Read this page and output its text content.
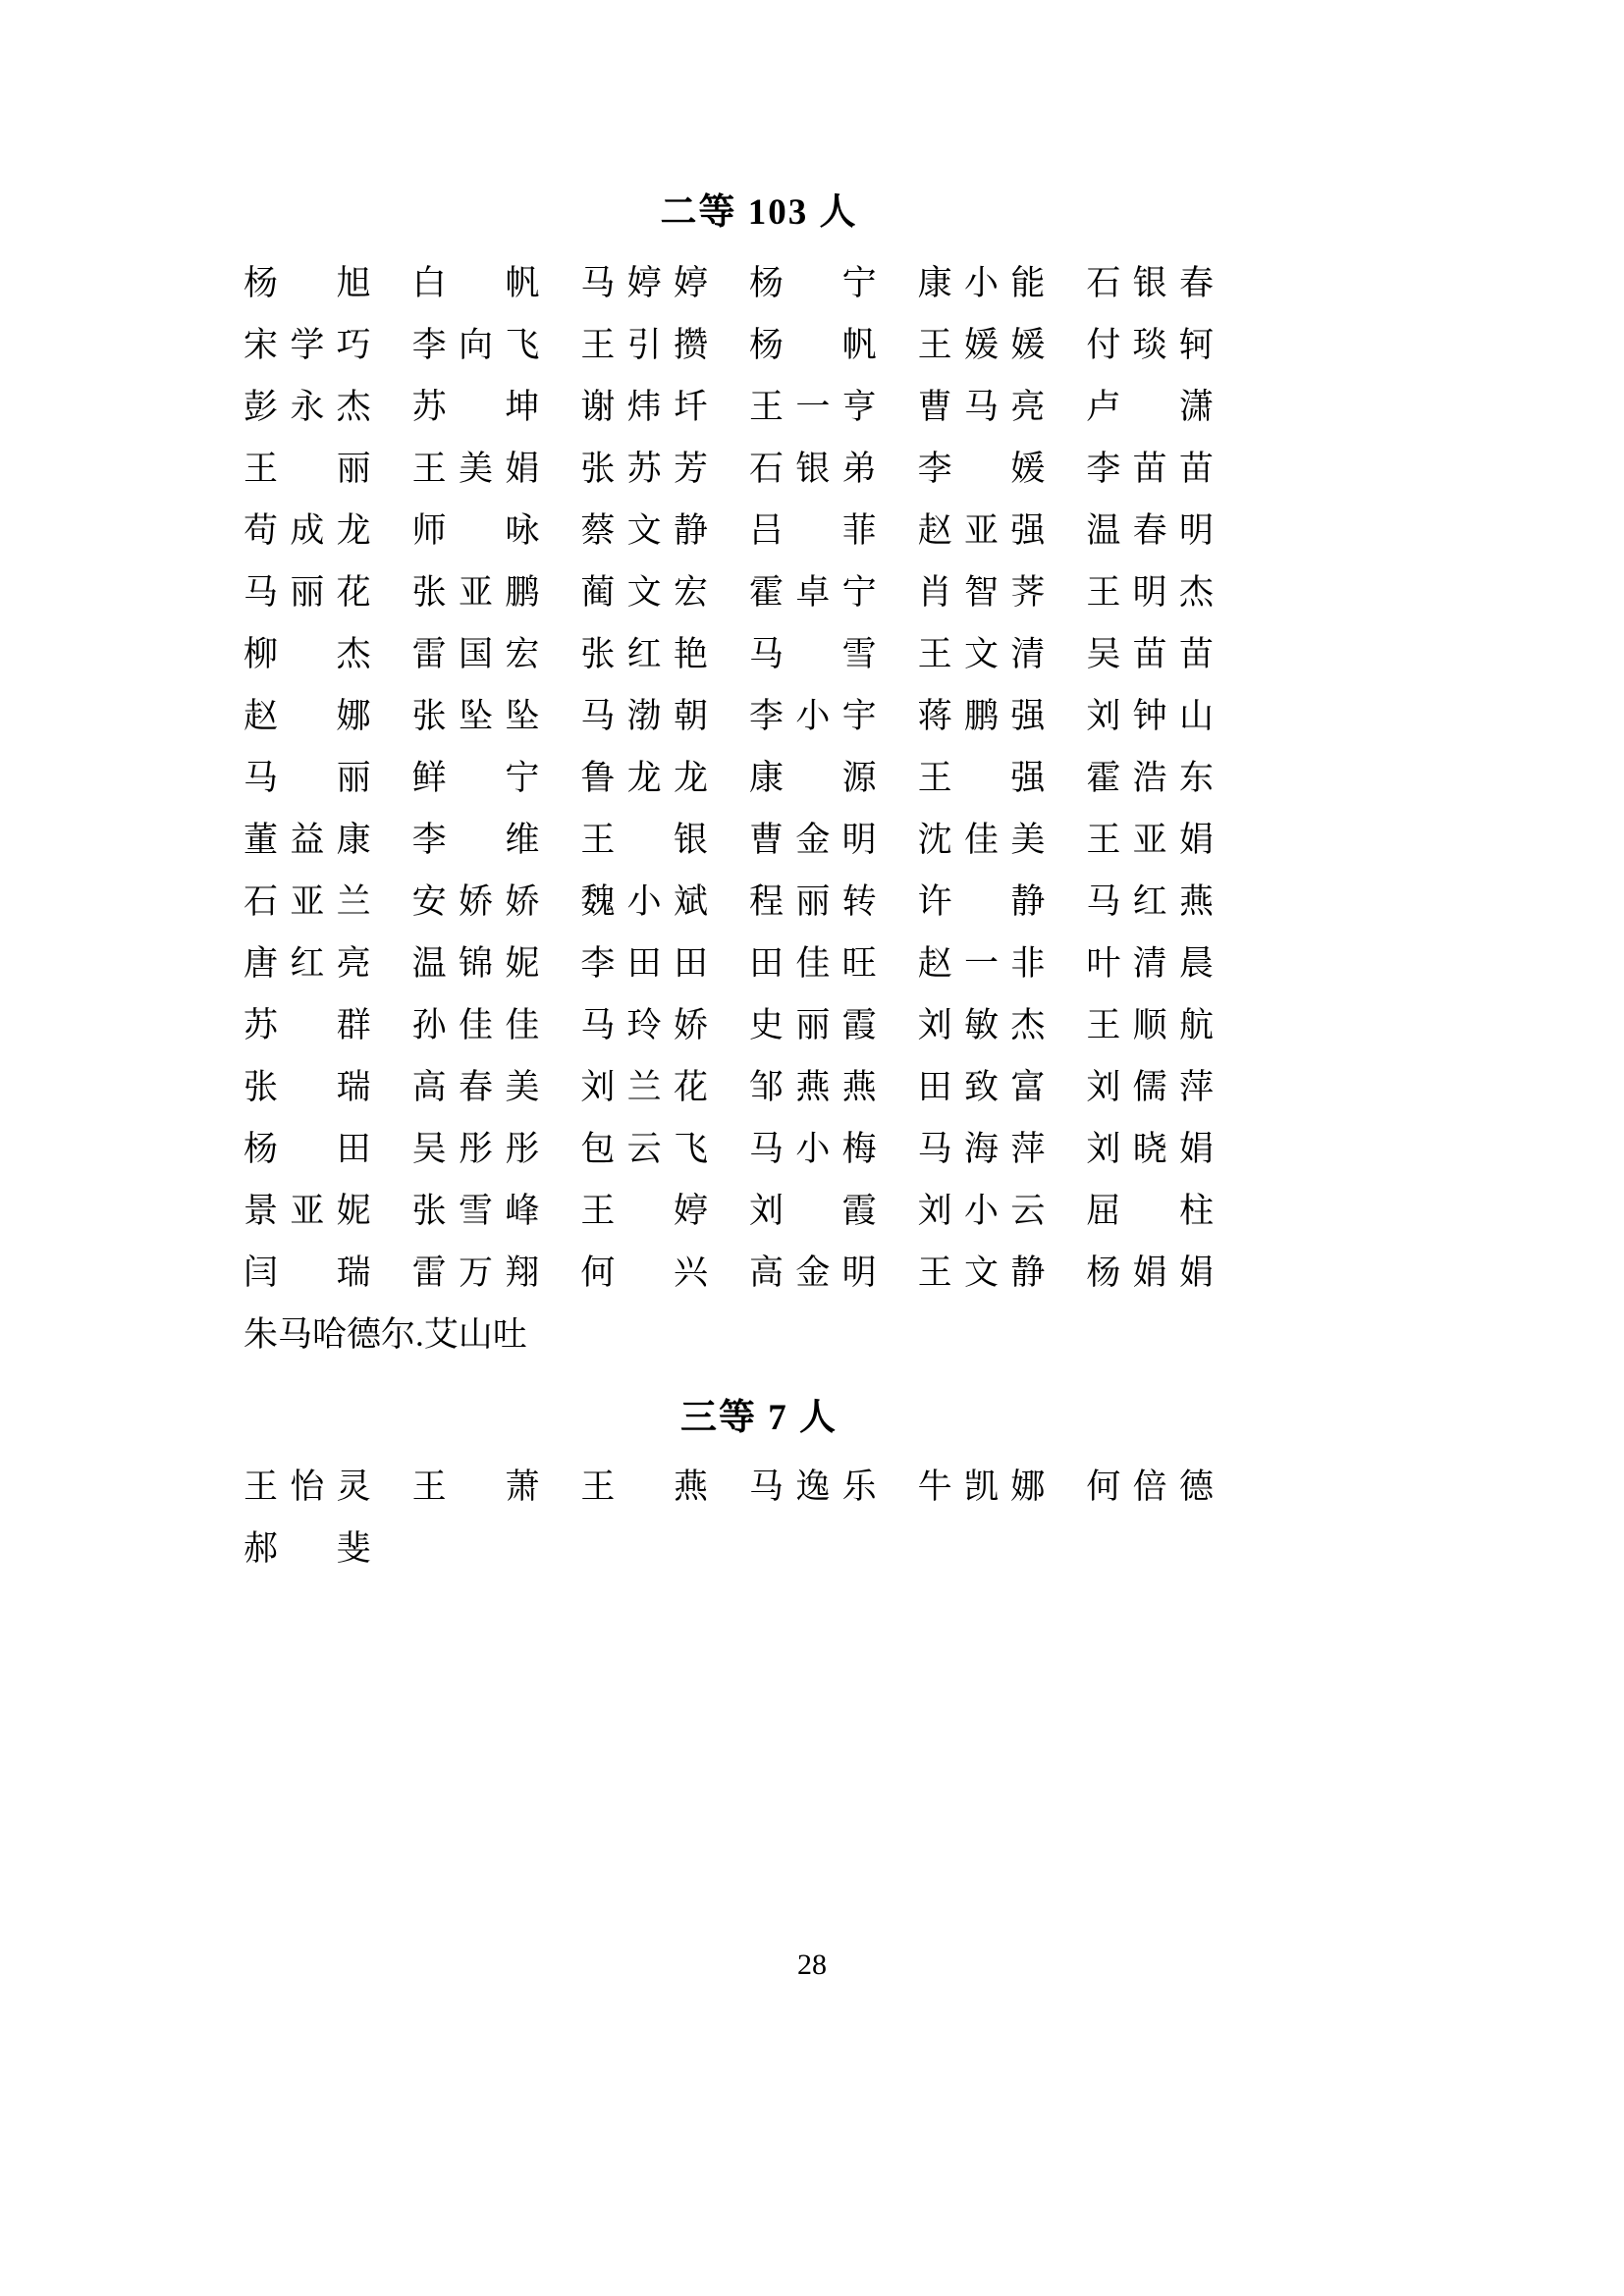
二等 103 人
杨旭	白帆	马婷婷	杨宁	康小能	石银春
宋学巧	李向飞	王引攒	杨帆	王媛媛	付琰轲
彭永杰	苏坤	谢炜圲	王一亨	曹马亮	卢潇
王丽	王美娟	张苏芳	石银弟	李媛	李苗苗
苟成龙	师咏	蔡文静	吕菲	赵亚强	温春明
马丽花	张亚鹏	蔺文宏	霍卓宁	肖智荠	王明杰
柳杰	雷国宏	张红艳	马雪	王文清	吴苗苗
赵娜	张坠坠	马渤朝	李小宇	蒋鹏强	刘钟山
马丽	鲜宁	鲁龙龙	康源	王强	霍浩东
董益康	李维	王银	曹金明	沈佳美	王亚娟
石亚兰	安娇娇	魏小斌	程丽转	许静	马红燕
唐红亮	温锦妮	李田田	田佳旺	赵一非	叶清晨
苏群	孙佳佳	马玲娇	史丽霞	刘敏杰	王顺航
张瑞	高春美	刘兰花	邹燕燕	田致富	刘儒萍
杨田	吴彤彤	包云飞	马小梅	马海萍	刘晓娟
景亚妮	张雪峰	王婷	刘霞	刘小云	屈柱
闫瑞	雷万翔	何兴	高金明	王文静	杨娟娟
朱马哈德尔.艾山吐
三等 7 人
王怡灵	王萧	王燕	马逸乐	牛凯娜	何倍德
郝斐
28
